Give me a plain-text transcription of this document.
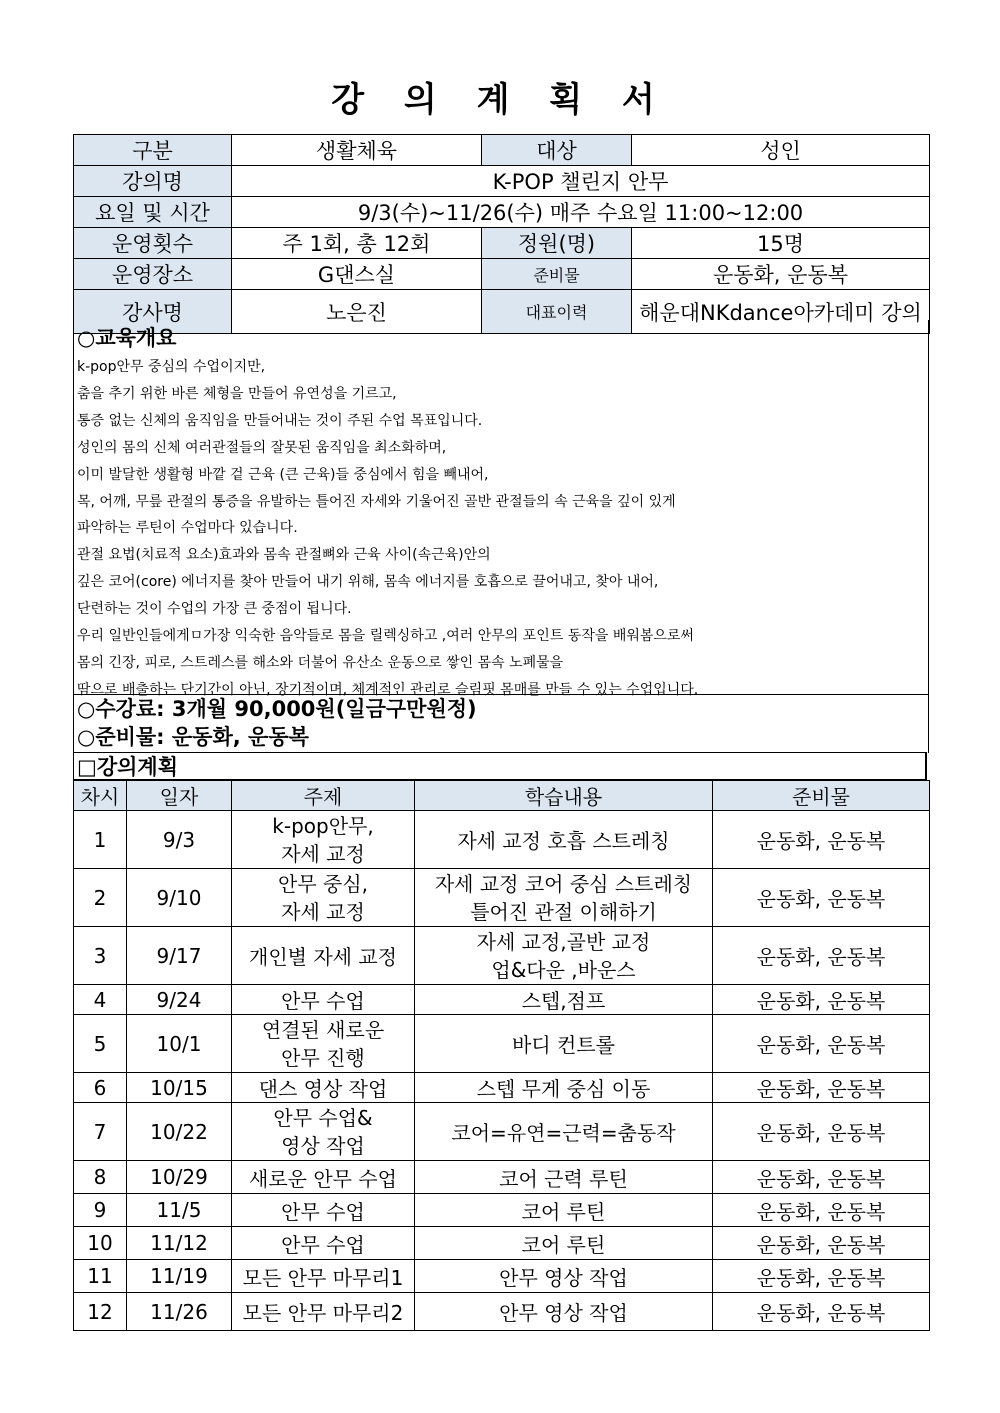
강 의 계 획 서
구분	생활체육	대상	성인
강의명	K-POP 챌린지 안무		
요일 및 시간	9/3(수)~11/26(수) 매주 수요일 11:00~12:00		
운영횟수	주 1회, 총 12회	정원(명)	15명
운영장소	G댄스실	준비물	운동화, 운동복
강사명	노은진	대표이력	해운대NKdance아카데미 강의
○교육개요
k-pop안무 중심의 수업이지만,
춤을 추기 위한 바른 체형을 만들어 유연성을 기르고,
통증 없는 신체의 움직임을 만들어내는 것이 주된 수업 목표입니다.
성인의 몸의 신체 여러관절들의 잘못된 움직임을 최소화하며,
이미 발달한 생활형 바깥 겉 근육 (큰 근육)들 중심에서 힘을 빼내어,
목, 어깨, 무릎 관절의 통증을 유발하는 틀어진 자세와 기울어진 골반 관절들의 속 근육을 깊이 있게
파악하는 루틴이 수업마다 있습니다.
관절 요법(치료적 요소)효과와 몸속 관절뼈와 근육 사이(속근육)안의
깊은 코어(core) 에너지를 찾아 만들어 내기 위해, 몸속 에너지를 호흡으로 끌어내고, 찾아 내어,
단련하는 것이 수업의 가장 큰 중점이 됩니다.
우리 일반인들에게ㅁ가장 익숙한 음악들로 몸을 릴렉싱하고 ,여러 안무의 포인트 동작을 배워봄으로써
몸의 긴장, 피로, 스트레스를 해소와 더불어 유산소 운동으로 쌓인 몸속 노폐물을
땀으로 배출하는 단기간이 아닌, 장기적이며, 체계적인 관리로 슬림핏 몸매를 만들 수 있는 수업입니다.
○수강료: 3개월 90,000원(일금구만원정)
○준비물: 운동화, 운동복
□강의계획
차시	일자	주제	학습내용	준비물
1	9/3	k-pop안무,
자세 교정	자세 교정 호흡 스트레칭	운동화, 운동복
2	9/10	안무 중심,
자세 교정	자세 교정 코어 중심 스트레칭
틀어진 관절 이해하기	운동화, 운동복
3	9/17	개인별 자세 교정	자세 교정,골반 교정
업&다운 ,바운스	운동화, 운동복
4	9/24	안무 수업	스텝,점프	운동화, 운동복
5	10/1	연결된 새로운
안무 진행	바디 컨트롤	운동화, 운동복
6	10/15	댄스 영상 작업	스텝 무게 중심 이동	운동화, 운동복
7	10/22	안무 수업&
영상 작업	코어=유연=근력=춤동작	운동화, 운동복
8	10/29	새로운 안무 수업	코어 근력 루틴	운동화, 운동복
9	11/5	안무 수업	코어 루틴	운동화, 운동복
10	11/12	안무 수업	코어 루틴	운동화, 운동복
11	11/19	모든 안무 마무리1	안무 영상 작업	운동화, 운동복
12	11/26	모든 안무 마무리2	안무 영상 작업	운동화, 운동복
